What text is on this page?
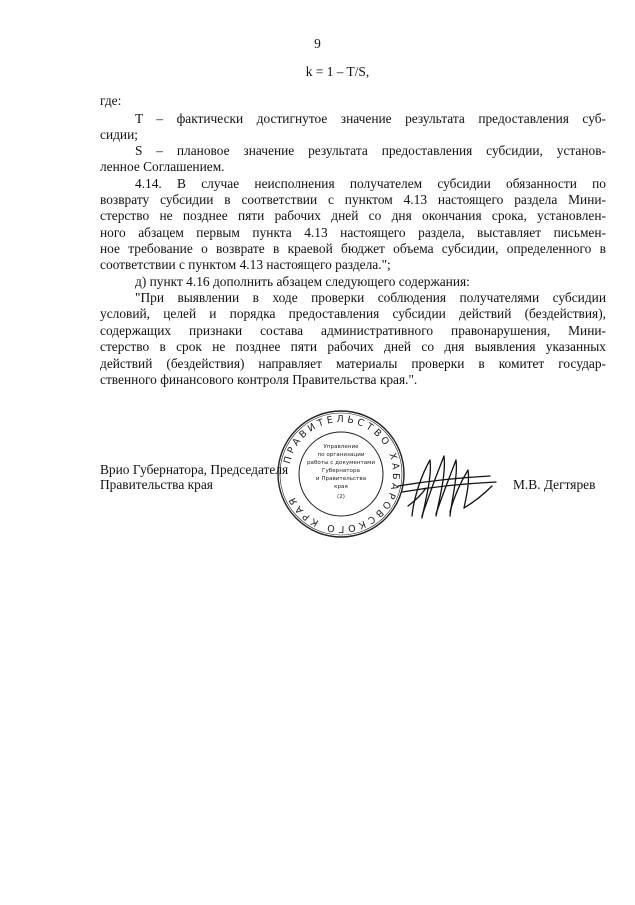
9
k = 1 – T/S,
где:
T – фактически достигнутое значение результата предоставления суб-
сидии;
S – плановое значение результата предоставления субсидии, установ-
ленное Соглашением.
4.14. В случае неисполнения получателем субсидии обязанности по
возврату субсидии в соответствии с пунктом 4.13 настоящего раздела Мини-
стерство не позднее пяти рабочих дней со дня окончания срока, установлен-
ного абзацем первым пункта 4.13 настоящего раздела, выставляет письмен-
ное требование о возврате в краевой бюджет объема субсидии, определенного в
соответствии с пунктом 4.13 настоящего раздела.";
д) пункт 4.16 дополнить абзацем следующего содержания:
"При выявлении в ходе проверки соблюдения получателями субсидии
условий, целей и порядка предоставления субсидии действий (бездействия),
содержащих признаки состава административного правонарушения, Мини-
стерство в срок не позднее пяти рабочих дней со дня выявления указанных
действий (бездействия) направляет материалы проверки в комитет государ-
ственного финансового контроля Правительства края.".
ПРАВИТЕЛЬСТВО ХАБАРОВСКОГО КРАЯ
Управление
по организации
работы с документами
Губернатора
и Правительства
края
(2)
Врио Губернатора, Председателя
Правительства края	М.В. Дегтярев
